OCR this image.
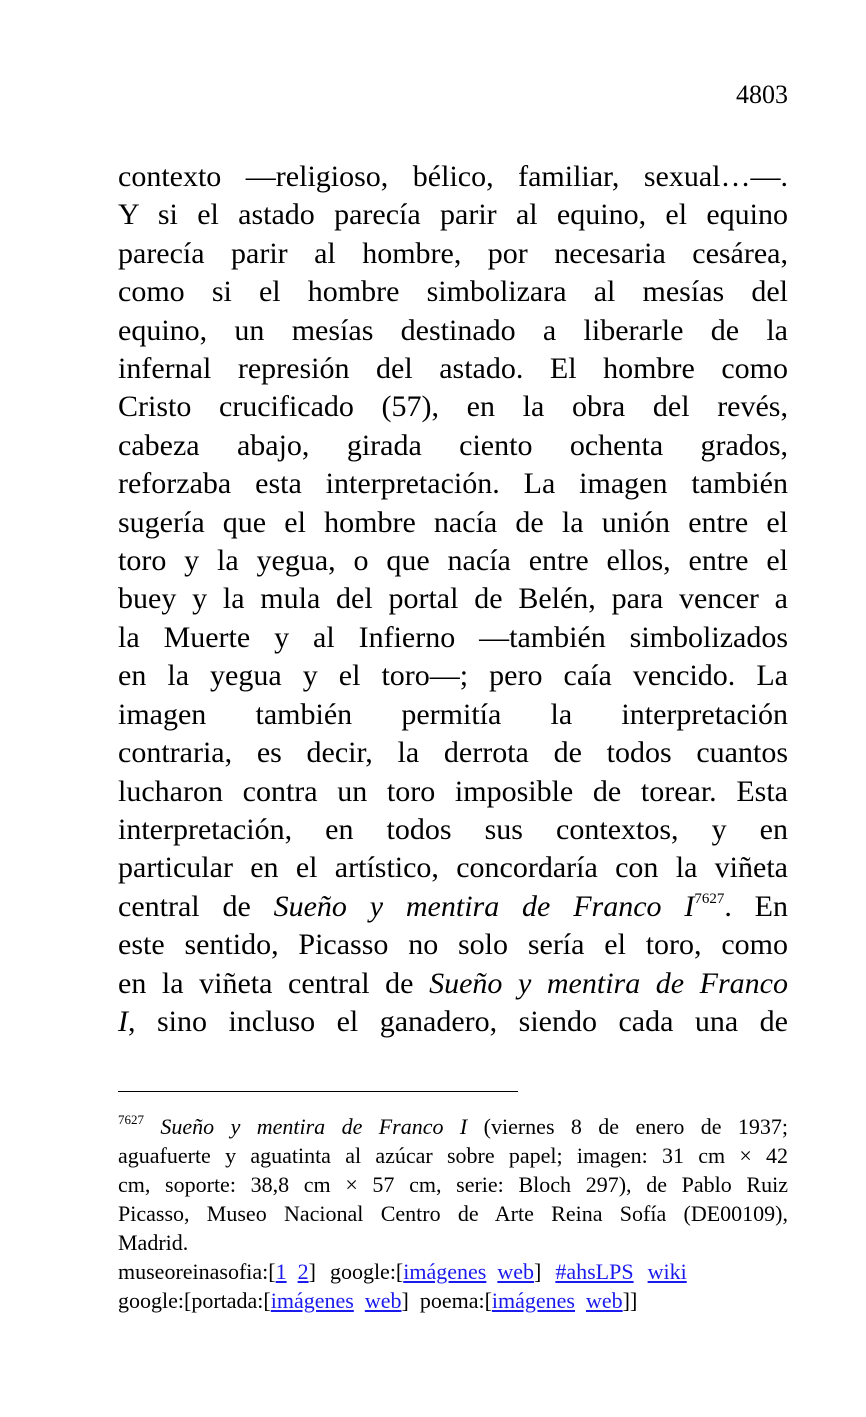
4803
contexto —religioso, bélico, familiar, sexual…—.
Y si el astado parecía parir al equino, el equino
parecía parir al hombre, por necesaria cesárea,
como si el hombre simbolizara al mesías del
equino, un mesías destinado a liberarle de la
infernal represión del astado. El hombre como
Cristo crucificado (57), en la obra del revés,
cabeza abajo, girada ciento ochenta grados,
reforzaba esta interpretación. La imagen también
sugería que el hombre nacía de la unión entre el
toro y la yegua, o que nacía entre ellos, entre el
buey y la mula del portal de Belén, para vencer a
la Muerte y al Infierno —también simbolizados
en la yegua y el toro—; pero caía vencido. La
imagen también permitía la interpretación
contraria, es decir, la derrota de todos cuantos
lucharon contra un toro imposible de torear. Esta
interpretación, en todos sus contextos, y en
particular en el artístico, concordaría con la viñeta
central de Sueño y mentira de Franco I$^{7627}$. En
este sentido, Picasso no solo sería el toro, como
en la viñeta central de Sueño y mentira de Franco
I, sino incluso el ganadero, siendo cada una de
$^{7627}$ Sueño y mentira de Franco I (viernes 8 de enero de 1937;
aguafuerte y aguatinta al azúcar sobre papel; imagen: 31 cm × 42
cm, soporte: 38,8 cm × 57 cm, serie: Bloch 297), de Pablo Ruiz
Picasso, Museo Nacional Centro de Arte Reina Sofía (DE00109),
Madrid.
museoreinasofia:[1 2] google:[imágenes web] #ahsLPS wiki
google:[portada:[imágenes web] poema:[imágenes web]]
